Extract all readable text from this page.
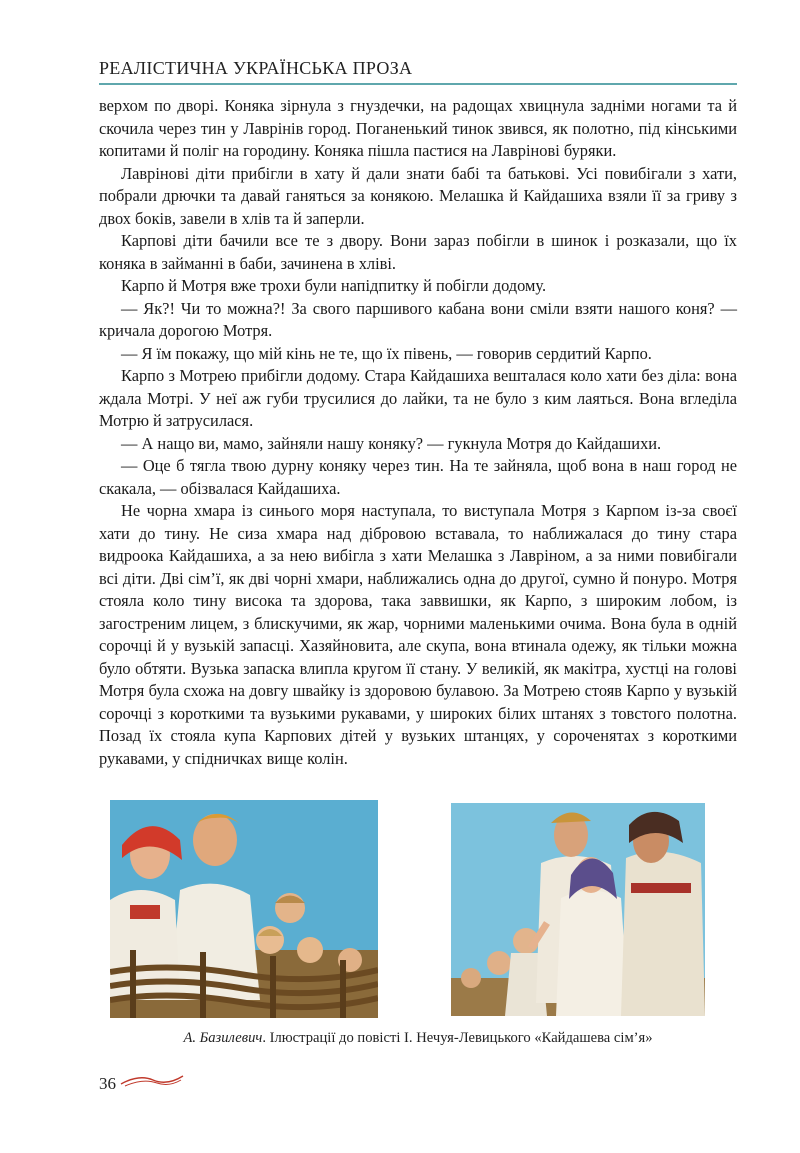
РЕАЛІСТИЧНА УКРАЇНСЬКА ПРОЗА

верхом по дворі. Коняка зірнулa з гнуздечки, на радощах хвицнула задніми ногами та й скочила через тин у Лаврінів город. Поганенький тинок звився, як полотно, під кінськими копитами й поліг на городину. Коняка пішла пастися на Лаврінові буряки.

Лаврінові діти прибігли в хату й дали знати бабі та батькові. Усі повибігали з хати, побрали дрючки та давай ганяться за конякою. Мелашка й Кайдашиха взяли її за гриву з двох боків, завели в хлів та й заперли.

Карпові діти бачили все те з двору. Вони зараз побігли в шинок і розказали, що їх коняка в займанні в баби, зачинена в хліві.

Карпо й Мотря вже трохи були напідпитку й побігли додому.

— Як?! Чи то можна?! За свого паршивого кабана вони сміли взяти нашого коня? — кричала дорогою Мотря.

— Я їм покажу, що мій кінь не те, що їх півень, — говорив сердитий Карпо.

Карпо з Мотрею прибігли додому. Стара Кайдашиха вешталася коло хати без діла: вона ждала Мотрі. У неї аж губи трусилися до лайки, та не було з ким лаяться. Вона вгледіла Мотрю й затрусилася.

— А нащо ви, мамо, зайняли нашу коняку? — гукнула Мотря до Кайдашихи.

— Оце б тягла твою дурну коняку через тин. На те зайняла, щоб вона в наш город не скакала, — обізвалася Кайдашиха.

Не чорна хмара із синього моря наступала, то виступала Мотря з Карпом із-за своєї хати до тину. Не сиза хмара над дібровою вставала, то наближалася до тину стара видроока Кайдашиха, а за нею вибігла з хати Мелашка з Лавріном, а за ними повибігали всі діти. Дві сім’ї, як дві чорні хмари, наближались одна до другої, сумно й понуро. Мотря стояла коло тину висока та здорова, така заввишки, як Карпо, з широким лобом, із загостреним лицем, з блискучими, як жар, чорними маленькими очима. Вона була в одній сорочці й у вузькій запасці. Хазяйновита, але скупа, вона втинала одежу, як тільки можна було обтяти. Вузька запаска влипла кругом її стану. У великій, як макітра, хустці на голові Мотря була схожа на довгу швайку із здоровою булавою. За Мотрею стояв Карпо у вузькій сорочці з короткими та вузькими рукавами, у широких білих штанях з товстого полотна. Позад їх стояла купа Карпових дітей у вузьких штанцях, у сороченятах з короткими рукавами, у спідничках вище колін.

А. Базилевич. Ілюстрації до повісті І. Нечуя-Левицького «Кайдашева сім’я»
36
